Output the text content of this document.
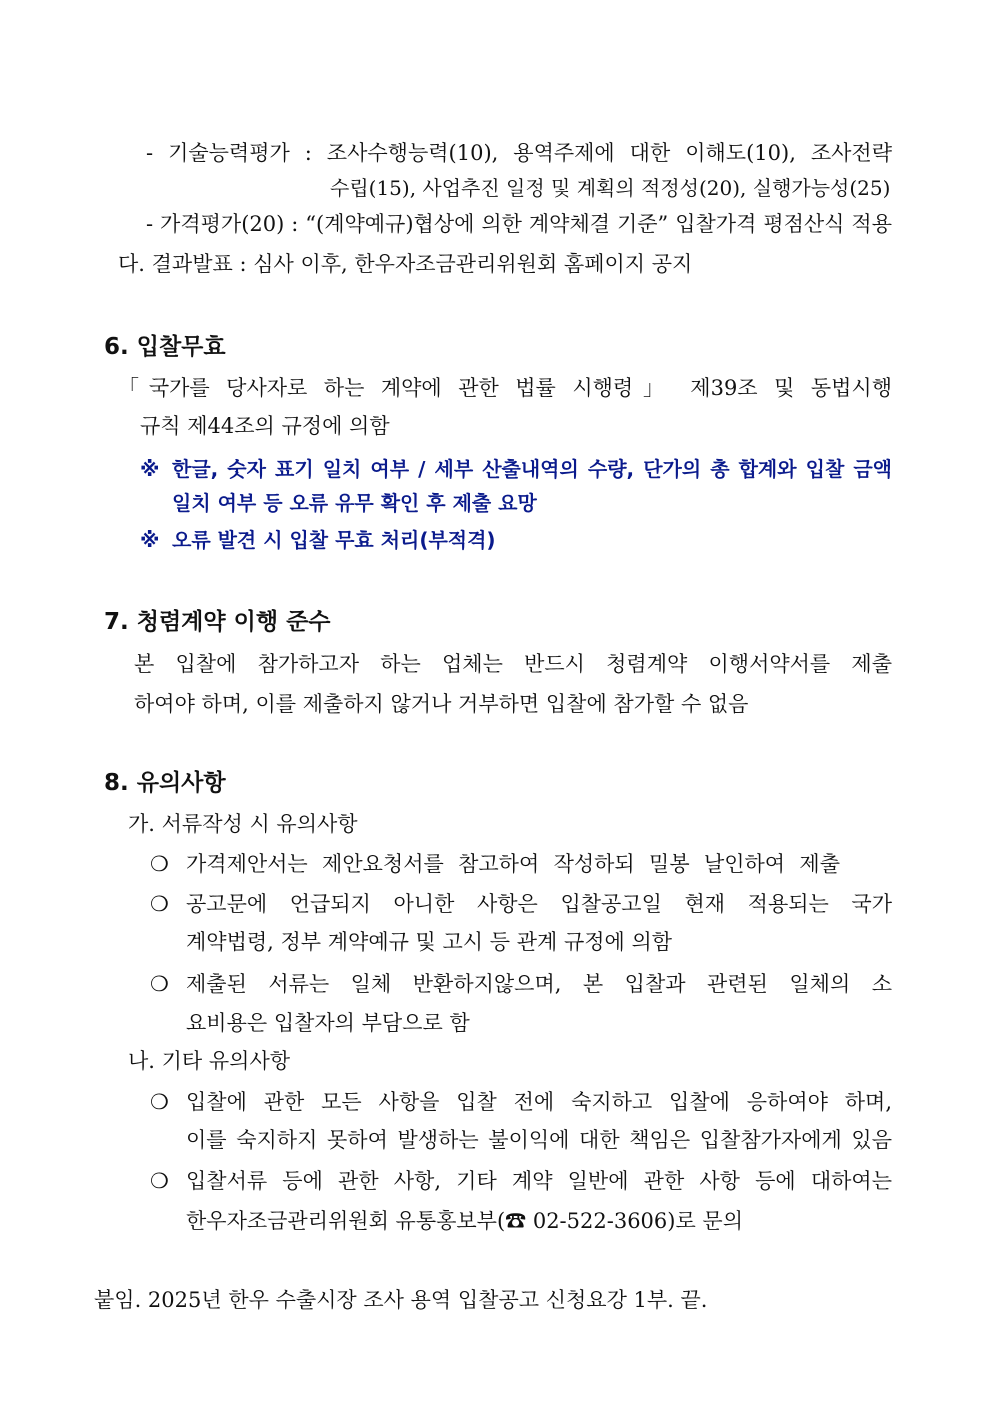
- 기술능력평가 : 조사수행능력(10), 용역주제에 대한 이해도(10), 조사전략
수립(15), 사업추진 일정 및 계획의 적정성(20), 실행가능성(25)
- 가격평가(20) : “(계약예규)협상에 의한 계약체결 기준” 입찰가격 평점산식 적용
다. 결과발표 : 심사 이후, 한우자조금관리위원회 홈페이지 공지
6. 입찰무효
「국가를 당사자로 하는 계약에 관한 법률 시행령」 제39조 및 동법시행
규칙 제44조의 규정에 의함
※ 한글, 숫자 표기 일치 여부 / 세부 산출내역의 수량, 단가의 총 합계와 입찰 금액
일치 여부 등 오류 유무 확인 후 제출 요망
※ 오류 발견 시 입찰 무효 처리(부적격)
7. 청렴계약 이행 준수
본 입찰에 참가하고자 하는 업체는 반드시 청렴계약 이행서약서를 제출
하여야 하며, 이를 제출하지 않거나 거부하면 입찰에 참가할 수 없음
8. 유의사항
가. 서류작성 시 유의사항
❍ 가격제안서는 제안요청서를 참고하여 작성하되 밀봉 날인하여 제출
❍ 공고문에 언급되지 아니한 사항은 입찰공고일 현재 적용되는 국가
계약법령, 정부 계약예규 및 고시 등 관계 규정에 의함
❍ 제출된 서류는 일체 반환하지않으며, 본 입찰과 관련된 일체의 소
요비용은 입찰자의 부담으로 함
나. 기타 유의사항
❍ 입찰에 관한 모든 사항을 입찰 전에 숙지하고 입찰에 응하여야 하며,
이를 숙지하지 못하여 발생하는 불이익에 대한 책임은 입찰참가자에게 있음
❍ 입찰서류 등에 관한 사항, 기타 계약 일반에 관한 사항 등에 대하여는
한우자조금관리위원회 유통홍보부(☎ 02-522-3606)로 문의
붙임. 2025년 한우 수출시장 조사 용역 입찰공고 신청요강 1부. 끝.
